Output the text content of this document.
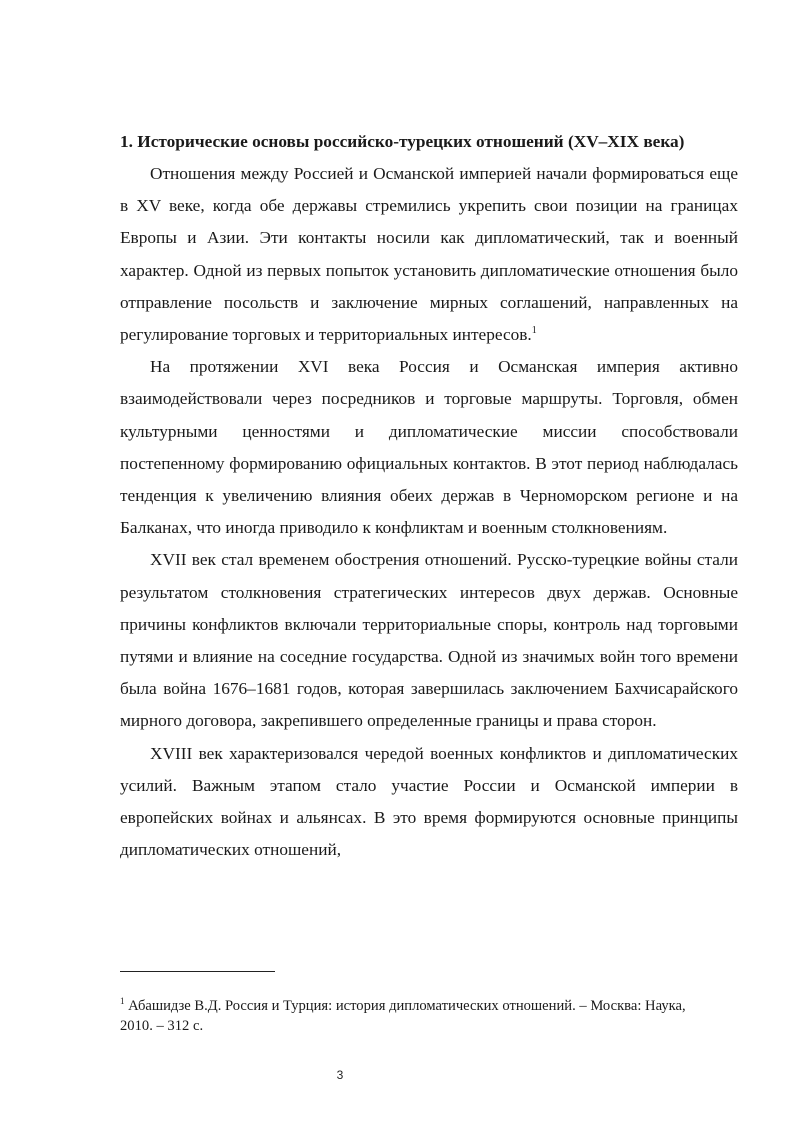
1. Исторические основы российско-турецких отношений (XV–XIX века)

Отношения между Россией и Османской империей начали формироваться еще в XV веке, когда обе державы стремились укрепить свои позиции на границах Европы и Азии. Эти контакты носили как дипломатический, так и военный характер. Одной из первых попыток установить дипломатические отношения было отправление посольств и заключение мирных соглашений, направленных на регулирование торговых и территориальных интересов.$^1$

На протяжении XVI века Россия и Османская империя активно взаимодействовали через посредников и торговые маршруты. Торговля, обмен культурными ценностями и дипломатические миссии способствовали постепенному формированию официальных контактов. В этот период наблюдалась тенденция к увеличению влияния обеих держав в Черноморском регионе и на Балканах, что иногда приводило к конфликтам и военным столкновениям.

XVII век стал временем обострения отношений. Русско-турецкие войны стали результатом столкновения стратегических интересов двух держав. Основные причины конфликтов включали территориальные споры, контроль над торговыми путями и влияние на соседние государства. Одной из значимых войн того времени была война 1676–1681 годов, которая завершилась заключением Бахчисарайского мирного договора, закрепившего определенные границы и права сторон.

XVIII век характеризовался чередой военных конфликтов и дипломатических усилий. Важным этапом стало участие России и Османской империи в европейских войнах и альянсах. В это время формируются основные принципы дипломатических отношений,

$^1$ Абашидзе В.Д. Россия и Турция: история дипломатических отношений. – Москва: Наука, 2010. – 312 с.
3
